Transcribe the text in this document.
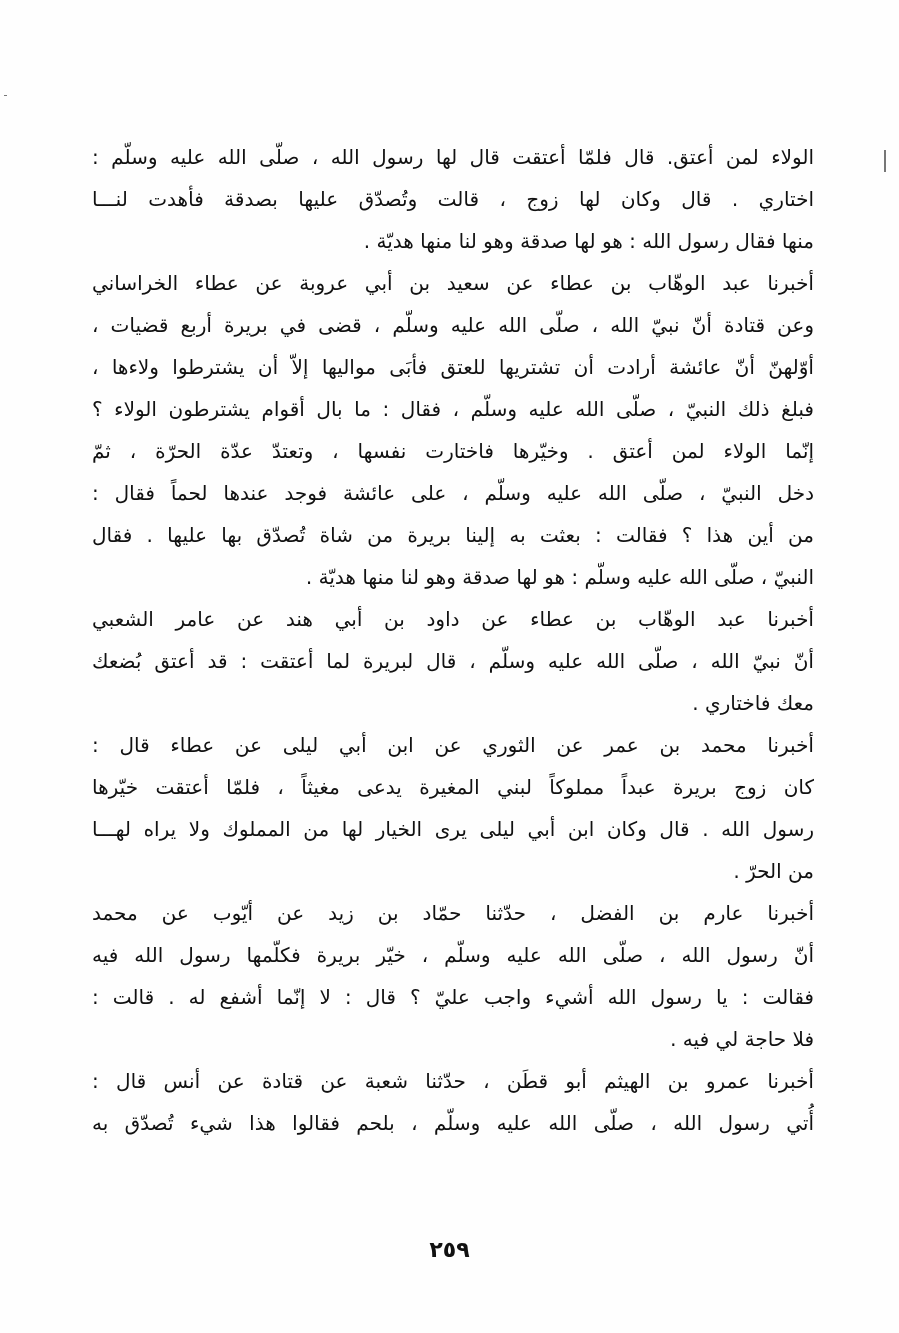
الولاء لمن أعتق. قال فلمّا أعتقت قال لها رسول الله ، صلّى الله عليه وسلّم :
اختاري . قال وكان لها زوج ، قالت وتُصدّق عليها بصدقة فأهدت لنـــا
منها فقال رسول الله : هو لها صدقة وهو لنا منها هديّة .
أخبرنا عبد الوهّاب بن عطاء عن سعيد بن أبي عروبة عن عطاء الخراساني
وعن قتادة أنّ نبيّ الله ، صلّى الله عليه وسلّم ، قضى في بريرة أربع قضيات ،
أوّلهنّ أنّ عائشة أرادت أن تشتريها للعتق فأبَى مواليها إلاّ أن يشترطوا ولاءها ،
فبلغ ذلك النبيّ ، صلّى الله عليه وسلّم ، فقال : ما بال أقوام يشترطون الولاء ؟
إنّما الولاء لمن أعتق . وخيّرها فاختارت نفسها ، وتعتدّ عدّة الحرّة ، ثمّ
دخل النبيّ ، صلّى الله عليه وسلّم ، على عائشة فوجد عندها لحماً فقال :
من أين هذا ؟ فقالت : بعثت به إلينا بريرة من شاة تُصدّق بها عليها . فقال
النبيّ ، صلّى الله عليه وسلّم : هو لها صدقة وهو لنا منها هديّة .
أخبرنا عبد الوهّاب بن عطاء عن داود بن أبي هند عن عامر الشعبي
أنّ نبيّ الله ، صلّى الله عليه وسلّم ، قال لبريرة لما أعتقت : قد أعتق بُضعك
معك فاختاري .
أخبرنا محمد بن عمر عن الثوري عن ابن أبي ليلى عن عطاء قال :
كان زوج بريرة عبداً مملوكاً لبني المغيرة يدعى مغيثاً ، فلمّا أعتقت خيّرها
رسول الله . قال وكان ابن أبي ليلى يرى الخيار لها من المملوك ولا يراه لهـــا
من الحرّ .
أخبرنا عارم بن الفضل ، حدّثنا حمّاد بن زيد عن أيّوب عن محمد
أنّ رسول الله ، صلّى الله عليه وسلّم ، خيّر بريرة فكلّمها رسول الله فيه
فقالت : يا رسول الله أشيء واجب عليّ ؟ قال : لا إنّما أشفع له . قالت :
فلا حاجة لي فيه .
أخبرنا عمرو بن الهيثم أبو قطَن ، حدّثنا شعبة عن قتادة عن أنس قال :
أُتي رسول الله ، صلّى الله عليه وسلّم ، بلحم فقالوا هذا شيء تُصدّق به
٢٥٩
